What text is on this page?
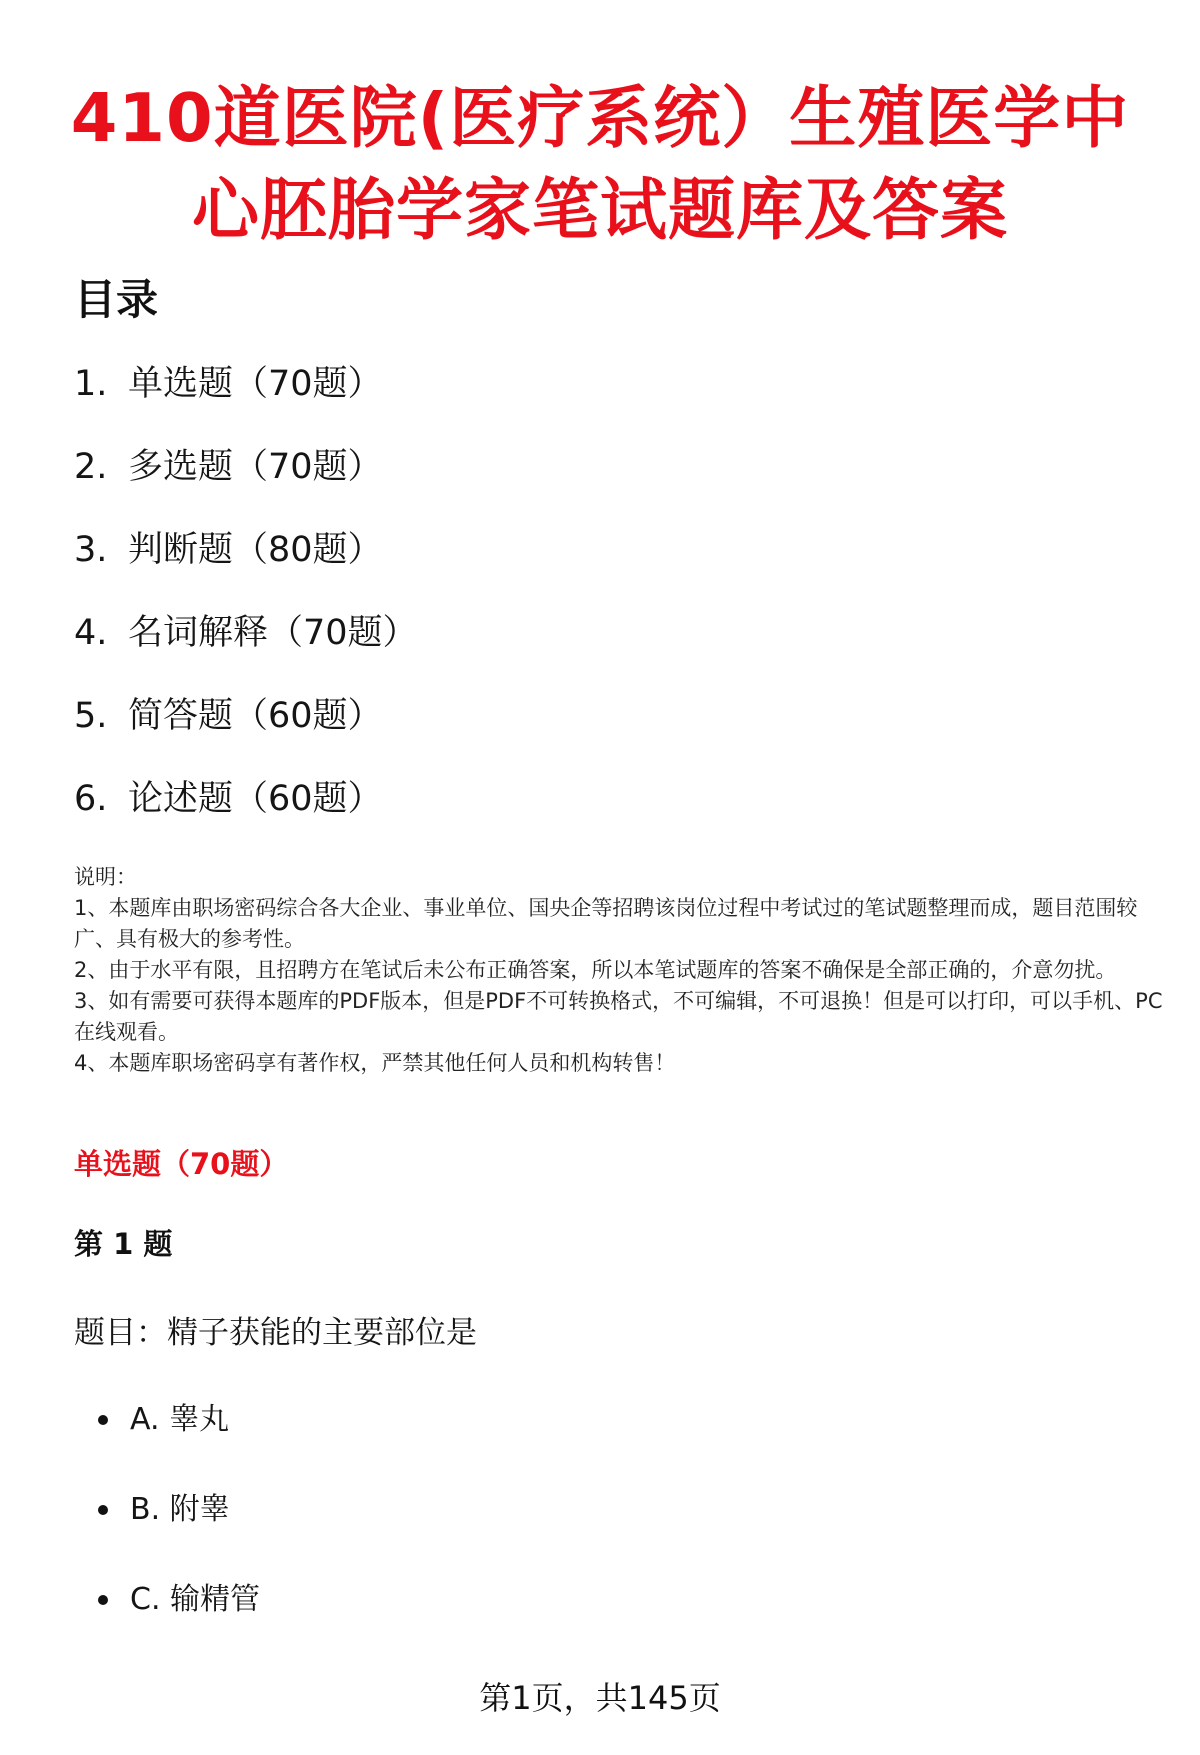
410道医院(医疗系统）生殖医学中心胚胎学家笔试题库及答案
目录
1. 单选题（70题）
2. 多选题（70题）
3. 判断题（80题）
4. 名词解释（70题）
5. 简答题（60题）
6. 论述题（60题）
说明：
1、本题库由职场密码综合各大企业、事业单位、国央企等招聘该岗位过程中考试过的笔试题整理而成，题目范围较广、具有极大的参考性。
2、由于水平有限，且招聘方在笔试后未公布正确答案，所以本笔试题库的答案不确保是全部正确的，介意勿扰。
3、如有需要可获得本题库的PDF版本，但是PDF不可转换格式，不可编辑，不可退换！但是可以打印，可以手机、PC在线观看。
4、本题库职场密码享有著作权，严禁其他任何人员和机构转售！
单选题（70题）
第 1 题
题目：精子获能的主要部位是
A. 睾丸
B. 附睾
C. 输精管
第1页，共145页
